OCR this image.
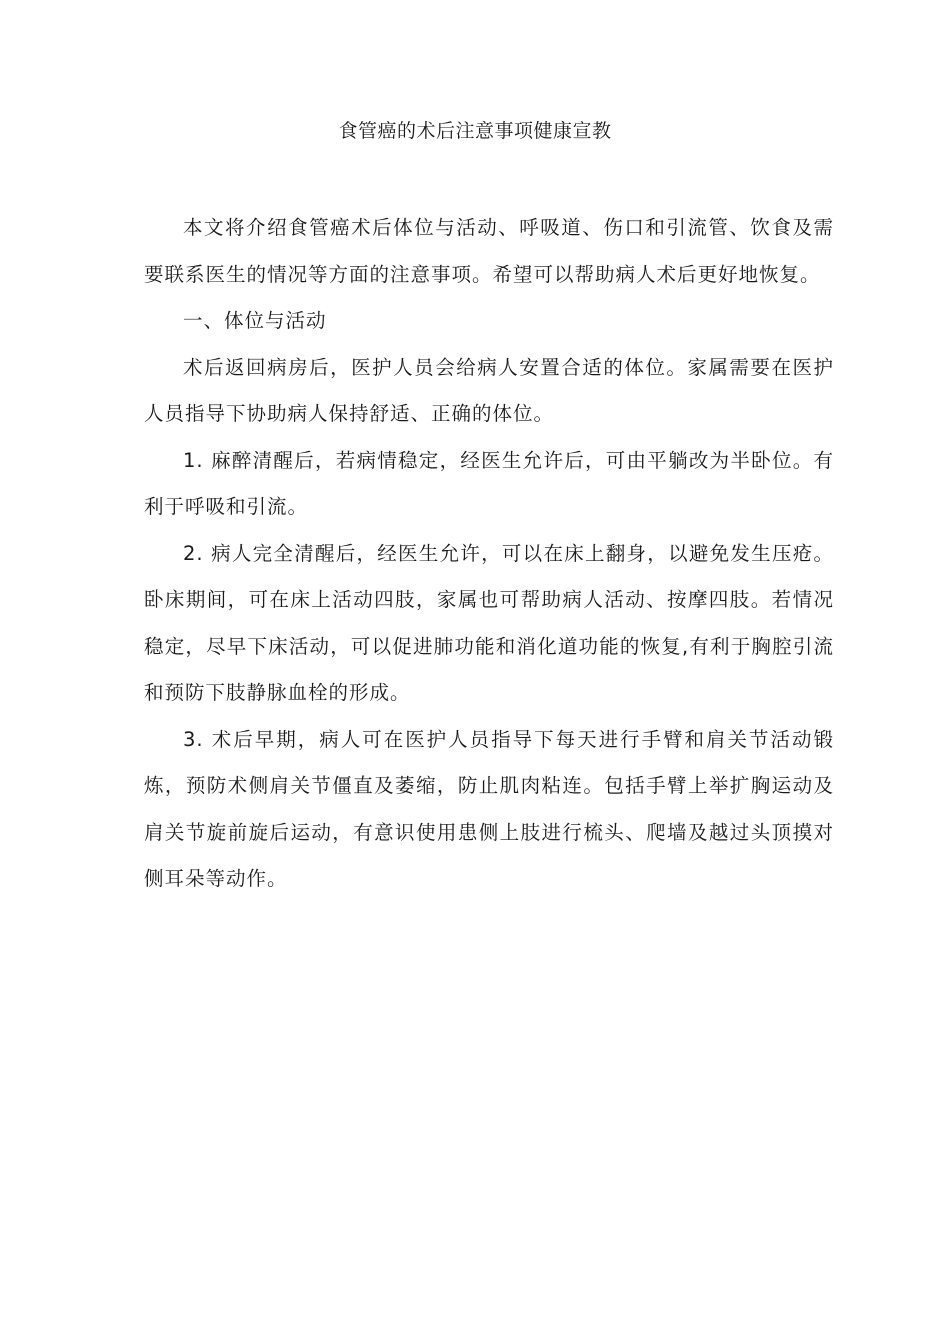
食管癌的术后注意事项健康宣教

本文将介绍食管癌术后体位与活动、呼吸道、伤口和引流管、饮食及需要联系医生的情况等方面的注意事项。希望可以帮助病人术后更好地恢复。

一、体位与活动

术后返回病房后，医护人员会给病人安置合适的体位。家属需要在医护人员指导下协助病人保持舒适、正确的体位。

1. 麻醉清醒后，若病情稳定，经医生允许后，可由平躺改为半卧位。有利于呼吸和引流。

2. 病人完全清醒后，经医生允许，可以在床上翻身，以避免发生压疮。卧床期间，可在床上活动四肢，家属也可帮助病人活动、按摩四肢。若情况稳定，尽早下床活动，可以促进肺功能和消化道功能的恢复,有利于胸腔引流和预防下肢静脉血栓的形成。

3. 术后早期，病人可在医护人员指导下每天进行手臂和肩关节活动锻炼，预防术侧肩关节僵直及萎缩，防止肌肉粘连。包括手臂上举扩胸运动及肩关节旋前旋后运动，有意识使用患侧上肢进行梳头、爬墙及越过头顶摸对侧耳朵等动作。
